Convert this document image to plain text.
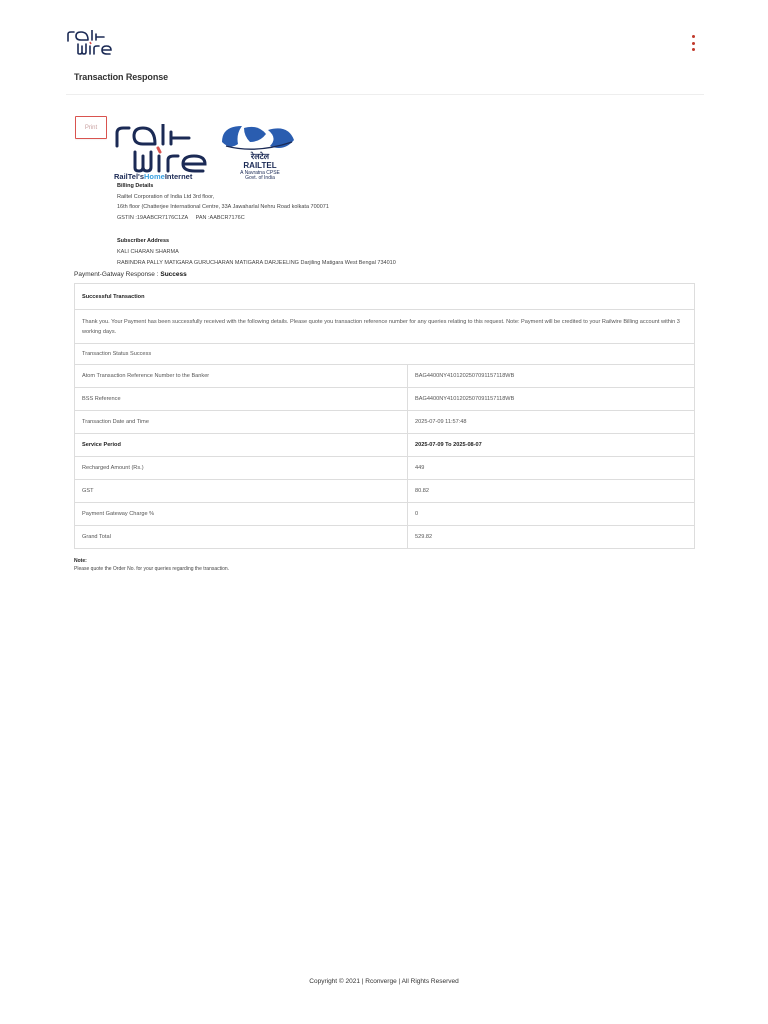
Transaction Response
Print
RailTel'sHomeInternet
रेलटेल
RAILTEL
A Navratna CPSE
Govt. of India
Billing Details
Railtel Corporation of India Ltd 3rd floor,
16th floor (Chatterjee International Centre, 33A Jawaharlal Nehru Road kolkata 700071
GSTIN :19AABCR7176C1ZA PAN :AABCR7176C
Subscriber Address
KALI CHARAN SHARMA
RABINDRA PALLY MATIGARA GURUCHARAN MATIGARA DARJEELING Darjiling Matigara West Bengal 734010
Payment-Gatway Response : Success
Successful Transaction	
Thank you. Your Payment has been successfully received with the following details. Please quote you transaction reference number for any queries relating to this request. Note: Payment will be credited to your Railwire Billing account within 3 working days.	
Transaction Status Success	
Atom Transaction Reference Number to the Banker	BAG4400NY4101202507091157118WB
BSS Reference	BAG4400NY4101202507091157118WB
Transaction Date and Time	2025-07-09 11:57:48
Service Period	2025-07-09 To 2025-08-07
Recharged Amount (Rs.)	449
GST	80.82
Payment Gateway Charge %	0
Grand Total	529.82
Note:
Please quote the Order No. for your queries regarding the transaction.
Copyright © 2021 | Rconverge | All Rights Reserved
